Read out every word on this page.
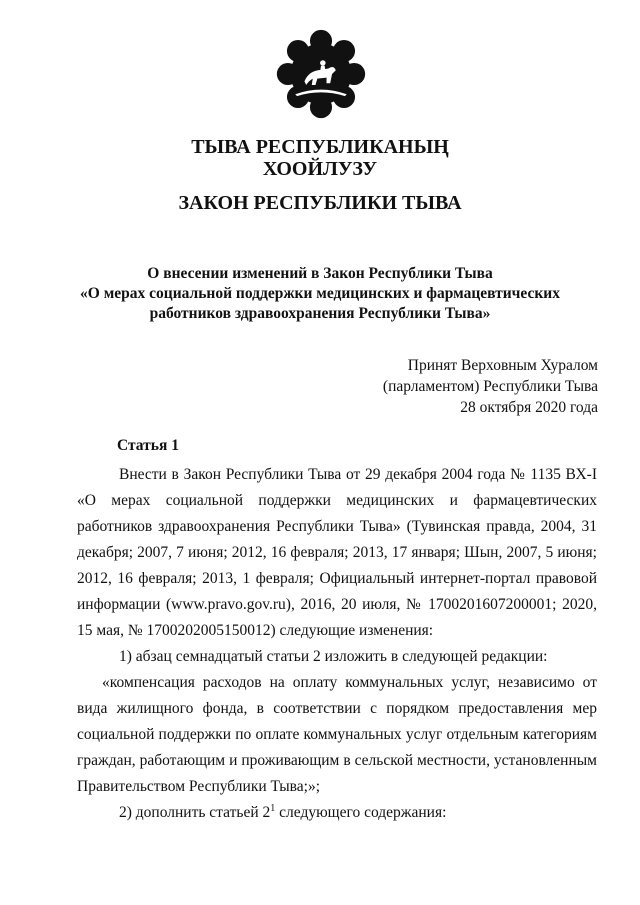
ТЫВА РЕСПУБЛИКАНЫҢ
ХООЙЛУЗУ
ЗАКОН РЕСПУБЛИКИ ТЫВА
О внесении изменений в Закон Республики Тыва
«О мерах социальной поддержки медицинских и фармацевтических
работников здравоохранения Республики Тыва»
Принят Верховным Хуралом
(парламентом) Республики Тыва
28 октября 2020 года
Статья 1
Внести в Закон Республики Тыва от 29 декабря 2004 года № 1135 ВХ-I «О мерах социальной поддержки медицинских и фармацевтических работников здравоохранения Республики Тыва» (Тувинская правда, 2004, 31 декабря; 2007, 7 июня; 2012, 16 февраля; 2013, 17 января; Шын, 2007, 5 июня; 2012, 16 февраля; 2013, 1 февраля; Официальный интернет-портал правовой информации (www.pravo.gov.ru), 2016, 20 июля, № 1700201607200001; 2020, 15 мая, № 1700202005150012) следующие изменения:
1) абзац семнадцатый статьи 2 изложить в следующей редакции:
«компенсация расходов на оплату коммунальных услуг, независимо от вида жилищного фонда, в соответствии с порядком предоставления мер социальной поддержки по оплате коммунальных услуг отдельным категориям граждан, работающим и проживающим в сельской местности, установленным Правительством Республики Тыва;»;
2) дополнить статьей $2^1$ следующего содержания:
